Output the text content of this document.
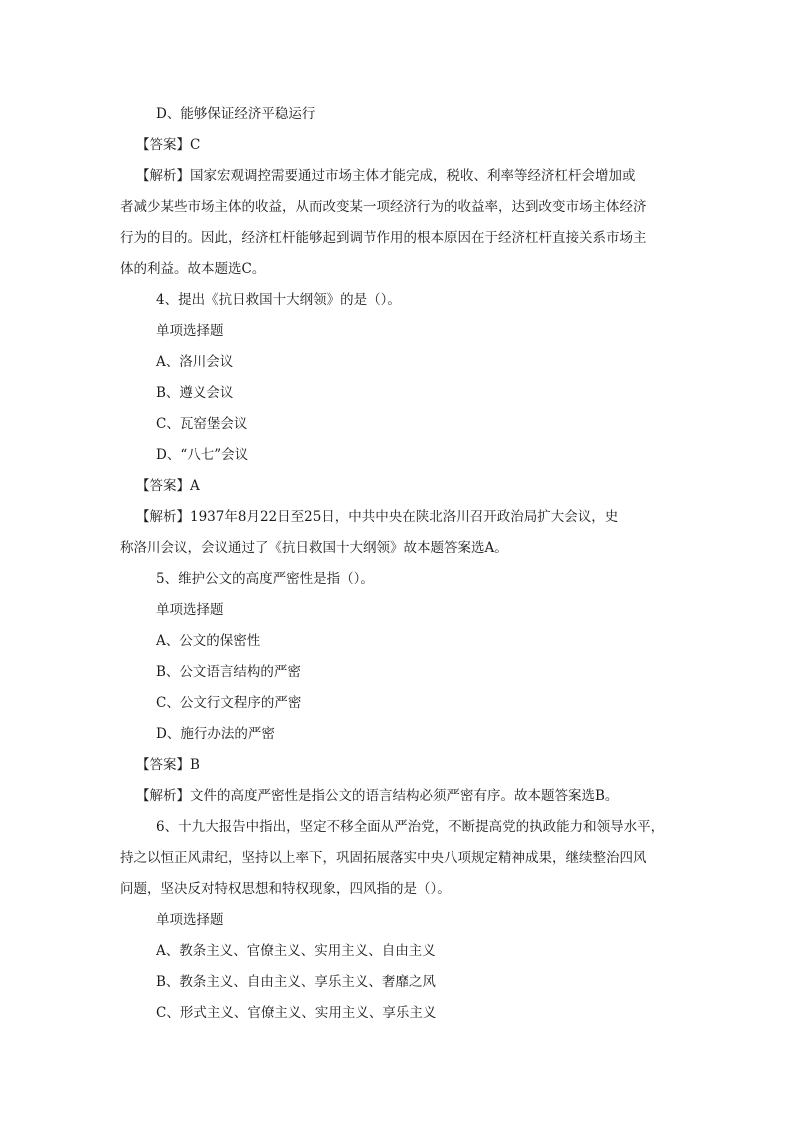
D、能够保证经济平稳运行
【答案】C
【解析】国家宏观调控需要通过市场主体才能完成，税收、利率等经济杠杆会增加或
者减少某些市场主体的收益，从而改变某一项经济行为的收益率，达到改变市场主体经济
行为的目的。因此，经济杠杆能够起到调节作用的根本原因在于经济杠杆直接关系市场主
体的利益。故本题选C。
4、提出《抗日救国十大纲领》的是（）。
单项选择题
A、洛川会议
B、遵义会议
C、瓦窑堡会议
D、“八七”会议
【答案】A
【解析】1937年8月22日至25日，中共中央在陕北洛川召开政治局扩大会议，史
称洛川会议，会议通过了《抗日救国十大纲领》故本题答案选A。
5、维护公文的高度严密性是指（）。
单项选择题
A、公文的保密性
B、公文语言结构的严密
C、公文行文程序的严密
D、施行办法的严密
【答案】B
【解析】文件的高度严密性是指公文的语言结构必须严密有序。故本题答案选B。
6、十九大报告中指出，坚定不移全面从严治党，不断提高党的执政能力和领导水平，
持之以恒正风肃纪，坚持以上率下，巩固拓展落实中央八项规定精神成果，继续整治四风
问题，坚决反对特权思想和特权现象，四风指的是（）。
单项选择题
A、教条主义、官僚主义、实用主义、自由主义
B、教条主义、自由主义、享乐主义、奢靡之风
C、形式主义、官僚主义、实用主义、享乐主义
